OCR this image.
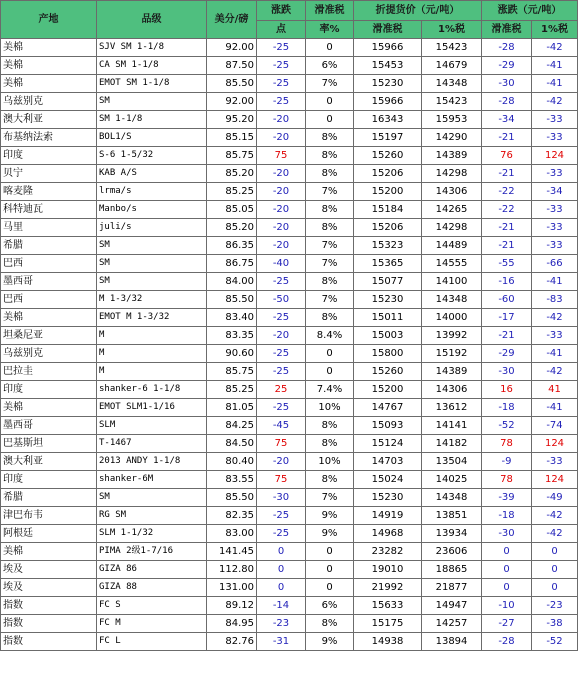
产地	品级	美分/磅	涨跌	滑准税	折提货价（元/吨）		涨跌（元/吨）	
			点	率%	滑准税	1%税	滑准税	1%税
美棉	SJV SM 1-1/8	92.00	-25	0	15966	15423	-28	-42
美棉	CA SM 1-1/8	87.50	-25	6%	15453	14679	-29	-41
美棉	EMOT SM 1-1/8	85.50	-25	7%	15230	14348	-30	-41
乌兹别克	SM	92.00	-25	0	15966	15423	-28	-42
澳大利亚	SM 1-1/8	95.20	-20	0	16343	15953	-34	-33
布基纳法索	BOL1/S	85.15	-20	8%	15197	14290	-21	-33
印度	S-6 1-5/32	85.75	75	8%	15260	14389	76	124
贝宁	KAB A/S	85.20	-20	8%	15206	14298	-21	-33
喀麦隆	lrma/s	85.25	-20	7%	15200	14306	-22	-34
科特迪瓦	Manbo/s	85.05	-20	8%	15184	14265	-22	-33
马里	juli/s	85.20	-20	8%	15206	14298	-21	-33
希腊	SM	86.35	-20	7%	15323	14489	-21	-33
巴西	SM	86.75	-40	7%	15365	14555	-55	-66
墨西哥	SM	84.00	-25	8%	15077	14100	-16	-41
巴西	M 1-3/32	85.50	-50	7%	15230	14348	-60	-83
美棉	EMOT M 1-3/32	83.40	-25	8%	15011	14000	-17	-42
坦桑尼亚	M	83.35	-20	8.4%	15003	13992	-21	-33
乌兹别克	M	90.60	-25	0	15800	15192	-29	-41
巴拉圭	M	85.75	-25	0	15260	14389	-30	-42
印度	shanker-6 1-1/8	85.25	25	7.4%	15200	14306	16	41
美棉	EMOT SLM1-1/16	81.05	-25	10%	14767	13612	-18	-41
墨西哥	SLM	84.25	-45	8%	15093	14141	-52	-74
巴基斯坦	T-1467	84.50	75	8%	15124	14182	78	124
澳大利亚	2013 ANDY 1-1/8	80.40	-20	10%	14703	13504	-9	-33
印度	shanker-6M	83.55	75	8%	15024	14025	78	124
希腊	SM	85.50	-30	7%	15230	14348	-39	-49
津巴布韦	RG SM	82.35	-25	9%	14919	13851	-18	-42
阿根廷	SLM 1-1/32	83.00	-25	9%	14968	13934	-30	-42
美棉	PIMA 2级1-7/16	141.45	0	0	23282	23606	0	0
埃及	GIZA 86	112.80	0	0	19010	18865	0	0
埃及	GIZA 88	131.00	0	0	21992	21877	0	0
指数	FC S	89.12	-14	6%	15633	14947	-10	-23
指数	FC M	84.95	-23	8%	15175	14257	-27	-38
指数	FC L	82.76	-31	9%	14938	13894	-28	-52
